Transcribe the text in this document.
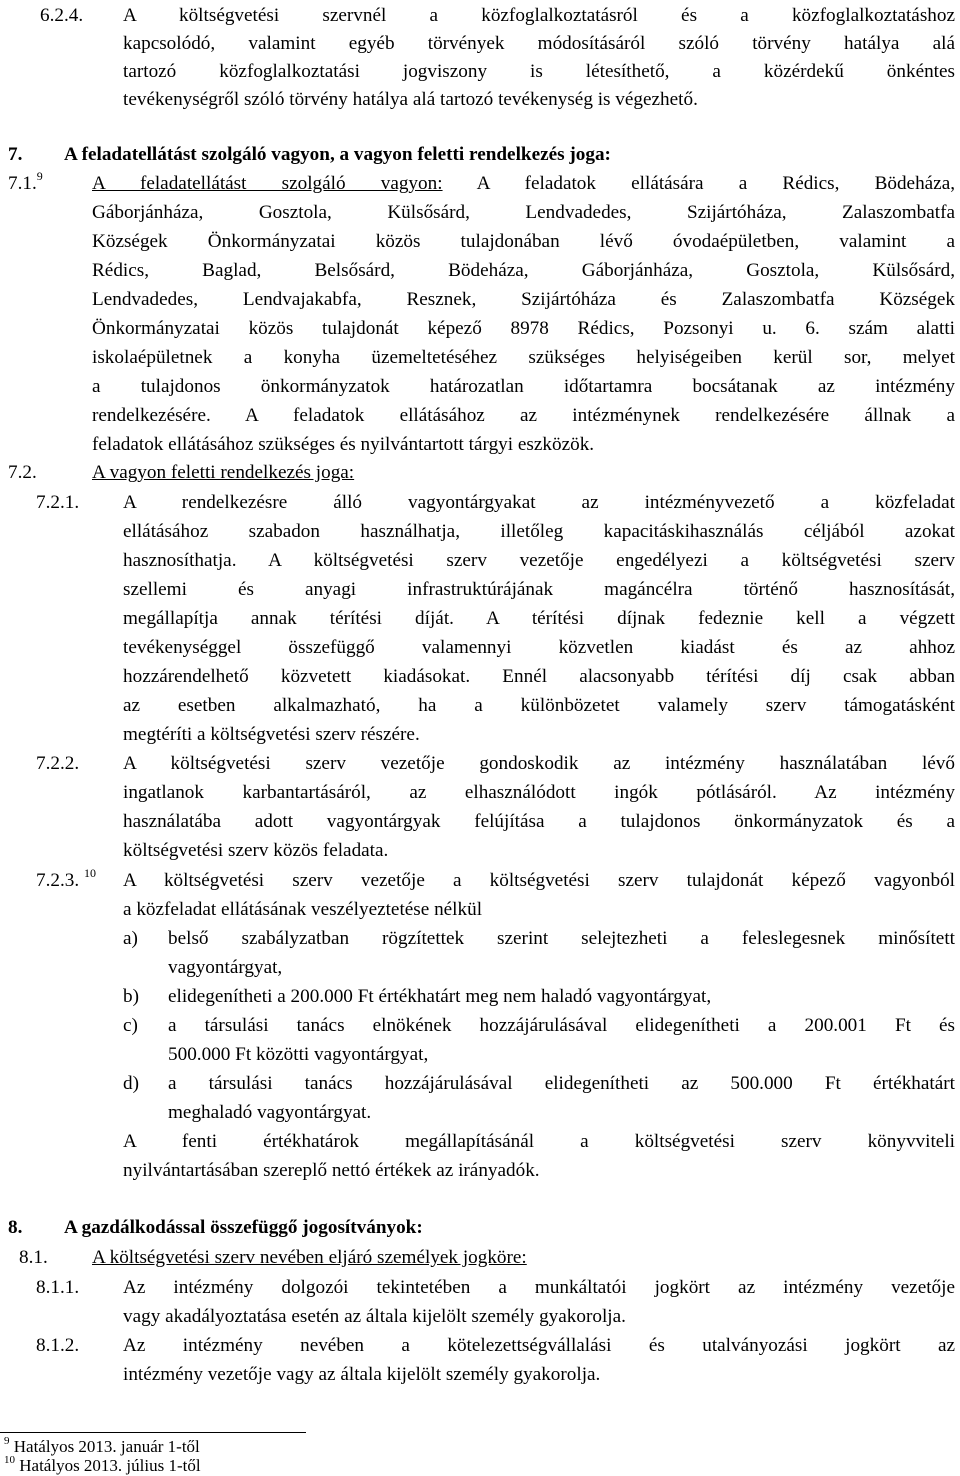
6.2.4. A költségvetési szervnél a közfoglalkoztatásról és a közfoglalkoztatáshoz
kapcsolódó, valamint egyéb törvények módosításáról szóló törvény hatálya alá
tartozó közfoglalkoztatási jogviszony is létesíthető, a közérdekű önkéntes
tevékenységről szóló törvény hatálya alá tartozó tevékenység is végezhető.
7. A feladatellátást szolgáló vagyon, a vagyon feletti rendelkezés joga:
7.1.$^9$	A feladatellátást szolgáló vagyon: A feladatok ellátására a Rédics, Bödeháza,
Gáborjánháza, Gosztola, Külsősárd, Lendvadedes, Szijártóháza, Zalaszombatfa
Községek Önkormányzatai közös tulajdonában lévő óvodaépületben, valamint a
Rédics, Baglad, Belsősárd, Bödeháza, Gáborjánháza, Gosztola, Külsősárd,
Lendvadedes, Lendvajakabfa, Resznek, Szijártóháza és Zalaszombatfa Községek
Önkormányzatai közös tulajdonát képező 8978 Rédics, Pozsonyi u. 6. szám alatti
iskolaépületnek a konyha üzemeltetéséhez szükséges helyiségeiben kerül sor, melyet
a tulajdonos önkormányzatok határozatlan időtartamra bocsátanak az intézmény
rendelkezésére. A feladatok ellátásához az intézménynek rendelkezésére állnak a
feladatok ellátásához szükséges és nyilvántartott tárgyi eszközök.
7.2.	A vagyon feletti rendelkezés joga:
7.2.1. A rendelkezésre álló vagyontárgyakat az intézményvezető a közfeladat
ellátásához szabadon használhatja, illetőleg kapacitáskihasználás céljából azokat
hasznosíthatja. A költségvetési szerv vezetője engedélyezi a költségvetési szerv
szellemi és anyagi infrastruktúrájának magáncélra történő hasznosítását,
megállapítja annak térítési díját. A térítési díjnak fedeznie kell a végzett
tevékenységgel összefüggő valamennyi közvetlen kiadást és az ahhoz
hozzárendelhető közvetett kiadásokat. Ennél alacsonyabb térítési díj csak abban
az esetben alkalmazható, ha a különbözetet valamely szerv támogatásként
megtéríti a költségvetési szerv részére.
7.2.2. A költségvetési szerv vezetője gondoskodik az intézmény használatában lévő
ingatlanok karbantartásáról, az elhasználódott ingók pótlásáról. Az intézmény
használatába adott vagyontárgyak felújítása a tulajdonos önkormányzatok és a
költségvetési szerv közös feladata.
7.2.3. $^{10}$ A költségvetési szerv vezetője a költségvetési szerv tulajdonát képező vagyonból
a közfeladat ellátásának veszélyeztetése nélkül
a) belső szabályzatban rögzítettek szerint selejtezheti a feleslegesnek minősített
vagyontárgyat,
b) elidegenítheti a 200.000 Ft értékhatárt meg nem haladó vagyontárgyat,
c) a társulási tanács elnökének hozzájárulásával elidegenítheti a 200.001 Ft és
500.000 Ft közötti vagyontárgyat,
d) a társulási tanács hozzájárulásával elidegenítheti az 500.000 Ft értékhatárt
meghaladó vagyontárgyat.
A fenti értékhatárok megállapításánál a költségvetési szerv könyvviteli
nyilvántartásában szereplő nettó értékek az irányadók.
8. A gazdálkodással összefüggő jogosítványok:
8.1. A költségvetési szerv nevében eljáró személyek jogköre:
8.1.1. Az intézmény dolgozói tekintetében a munkáltatói jogkört az intézmény vezetője
vagy akadályoztatása esetén az általa kijelölt személy gyakorolja.
8.1.2. Az intézmény nevében a kötelezettségvállalási és utalványozási jogkört az
intézmény vezetője vagy az általa kijelölt személy gyakorolja.
$^9$ Hatályos 2013. január 1-től
$^{10}$ Hatályos 2013. július 1-től
